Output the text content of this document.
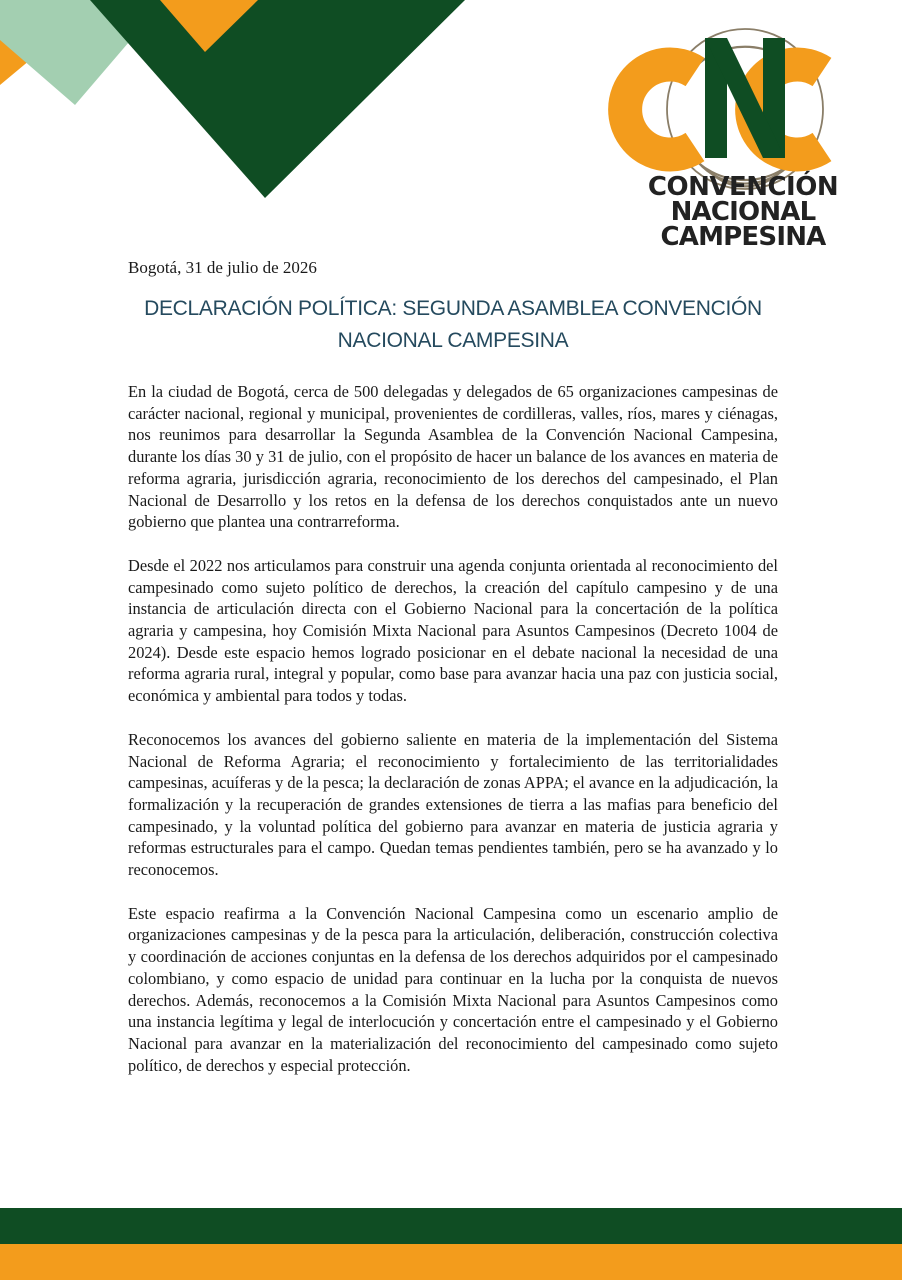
CONVENCIÓN
NACIONAL CAMPESINA
Bogotá, 31 de julio de 2026
DECLARACIÓN POLÍTICA: SEGUNDA ASAMBLEA CONVENCIÓN NACIONAL CAMPESINA

En la ciudad de Bogotá, cerca de 500 delegadas y delegados de 65 organizaciones campesinas de carácter nacional, regional y municipal, provenientes de cordilleras, valles, ríos, mares y ciénagas, nos reunimos para desarrollar la Segunda Asamblea de la Convención Nacional Campesina, durante los días 30 y 31 de julio, con el propósito de hacer un balance de los avances en materia de reforma agraria, jurisdicción agraria, reconocimiento de los derechos del campesinado, el Plan Nacional de Desarrollo y los retos en la defensa de los derechos conquistados ante un nuevo gobierno que plantea una contrarreforma.

Desde el 2022 nos articulamos para construir una agenda conjunta orientada al reconocimiento del campesinado como sujeto político de derechos, la creación del capítulo campesino y de una instancia de articulación directa con el Gobierno Nacional para la concertación de la política agraria y campesina, hoy Comisión Mixta Nacional para Asuntos Campesinos (Decreto 1004 de 2024). Desde este espacio hemos logrado posicionar en el debate nacional la necesidad de una reforma agraria rural, integral y popular, como base para avanzar hacia una paz con justicia social, económica y ambiental para todos y todas.

Reconocemos los avances del gobierno saliente en materia de la implementación del Sistema Nacional de Reforma Agraria; el reconocimiento y fortalecimiento de las territorialidades campesinas, acuíferas y de la pesca; la declaración de zonas APPA; el avance en la adjudicación, la formalización y la recuperación de grandes extensiones de tierra a las mafias para beneficio del campesinado, y la voluntad política del gobierno para avanzar en materia de justicia agraria y reformas estructurales para el campo. Quedan temas pendientes también, pero se ha avanzado y lo reconocemos.

Este espacio reafirma a la Convención Nacional Campesina como un escenario amplio de organizaciones campesinas y de la pesca para la articulación, deliberación, construcción colectiva y coordinación de acciones conjuntas en la defensa de los derechos adquiridos por el campesinado colombiano, y como espacio de unidad para continuar en la lucha por la conquista de nuevos derechos. Además, reconocemos a la Comisión Mixta Nacional para Asuntos Campesinos como una instancia legítima y legal de interlocución y concertación entre el campesinado y el Gobierno Nacional para avanzar en la materialización del reconocimiento del campesinado como sujeto político, de derechos y especial protección.
